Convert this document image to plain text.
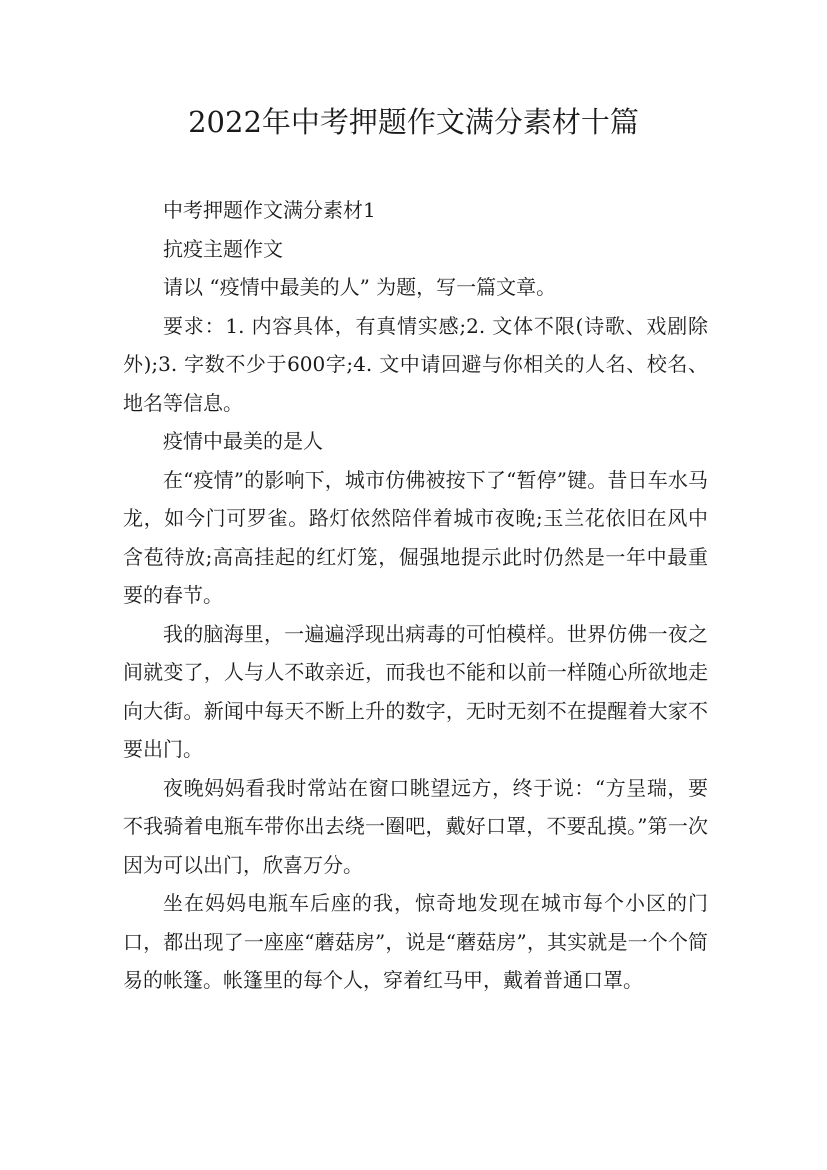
2022年中考押题作文满分素材十篇

中考押题作文满分素材1

抗疫主题作文

请以 “疫情中最美的人” 为题，写一篇文章。

要求：1. 内容具体，有真情实感;2. 文体不限(诗歌、戏剧除外);3. 字数不少于600字;4. 文中请回避与你相关的人名、校名、地名等信息。

疫情中最美的是人

在“疫情”的影响下，城市仿佛被按下了“暂停”键。昔日车水马龙，如今门可罗雀。路灯依然陪伴着城市夜晚;玉兰花依旧在风中含苞待放;高高挂起的红灯笼，倔强地提示此时仍然是一年中最重要的春节。

我的脑海里，一遍遍浮现出病毒的可怕模样。世界仿佛一夜之间就变了，人与人不敢亲近，而我也不能和以前一样随心所欲地走向大街。新闻中每天不断上升的数字，无时无刻不在提醒着大家不要出门。

夜晚妈妈看我时常站在窗口眺望远方，终于说：“方呈瑞，要不我骑着电瓶车带你出去绕一圈吧，戴好口罩，不要乱摸。”第一次因为可以出门，欣喜万分。

坐在妈妈电瓶车后座的我，惊奇地发现在城市每个小区的门口，都出现了一座座“蘑菇房”，说是“蘑菇房”，其实就是一个个简易的帐篷。帐篷里的每个人，穿着红马甲，戴着普通口罩。
